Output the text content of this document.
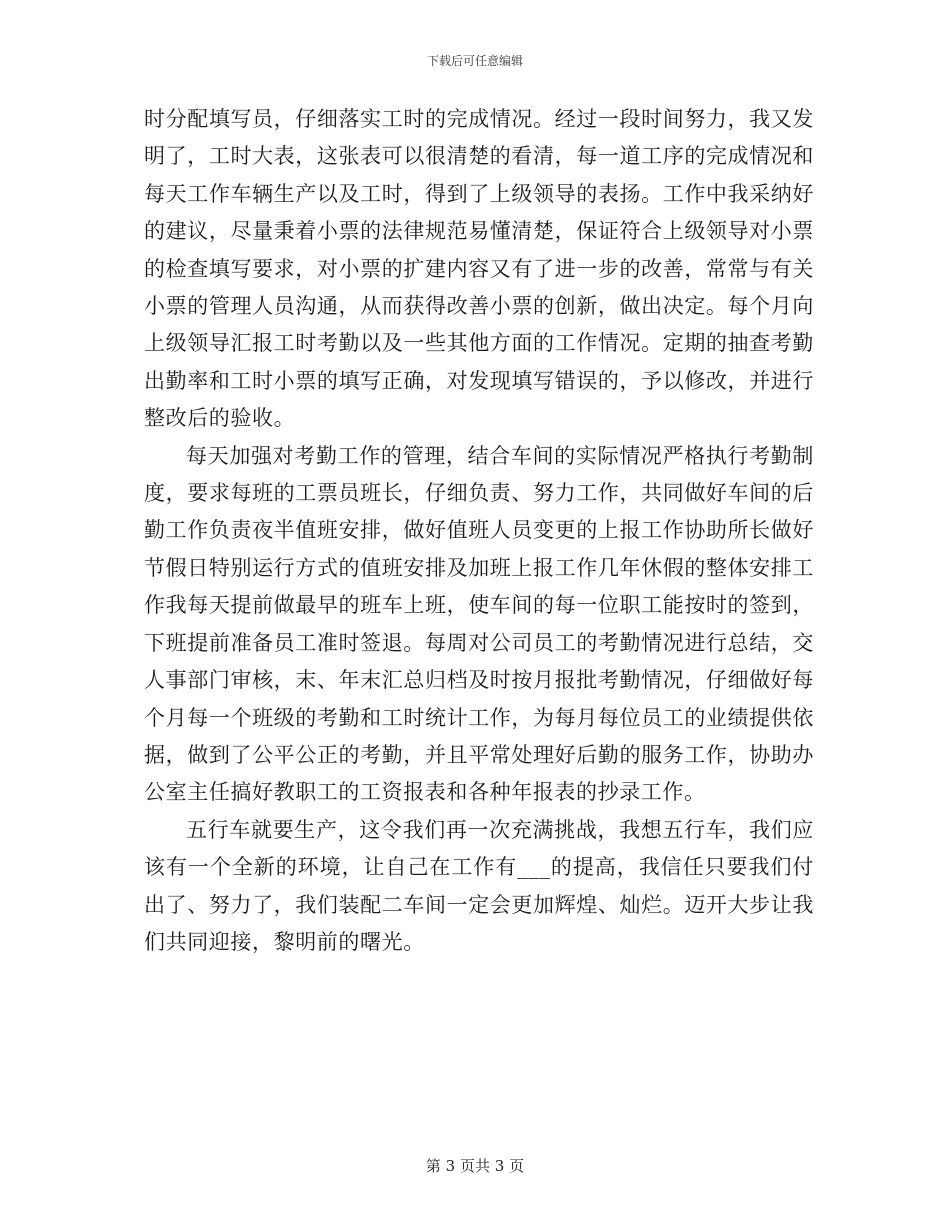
下载后可任意编辑

时分配填写员，仔细落实工时的完成情况。经过一段时间努力，我又发明了，工时大表，这张表可以很清楚的看清，每一道工序的完成情况和每天工作车辆生产以及工时，得到了上级领导的表扬。工作中我采纳好的建议，尽量秉着小票的法律规范易懂清楚，保证符合上级领导对小票的检查填写要求，对小票的扩建内容又有了进一步的改善，常常与有关小票的管理人员沟通，从而获得改善小票的创新，做出决定。每个月向上级领导汇报工时考勤以及一些其他方面的工作情况。定期的抽查考勤出勤率和工时小票的填写正确，对发现填写错误的，予以修改，并进行整改后的验收。

每天加强对考勤工作的管理，结合车间的实际情况严格执行考勤制度，要求每班的工票员班长，仔细负责、努力工作，共同做好车间的后勤工作负责夜半值班安排，做好值班人员变更的上报工作协助所长做好节假日特别运行方式的值班安排及加班上报工作几年休假的整体安排工作我每天提前做最早的班车上班，使车间的每一位职工能按时的签到，下班提前准备员工准时签退。每周对公司员工的考勤情况进行总结，交人事部门审核，末、年末汇总归档及时按月报批考勤情况，仔细做好每个月每一个班级的考勤和工时统计工作，为每月每位员工的业绩提供依据，做到了公平公正的考勤，并且平常处理好后勤的服务工作，协助办公室主任搞好教职工的工资报表和各种年报表的抄录工作。

五行车就要生产，这令我们再一次充满挑战，我想五行车，我们应该有一个全新的环境，让自己在工作有___的提高，我信任只要我们付出了、努力了，我们装配二车间一定会更加辉煌、灿烂。迈开大步让我们共同迎接，黎明前的曙光。

第 3 页共 3 页
